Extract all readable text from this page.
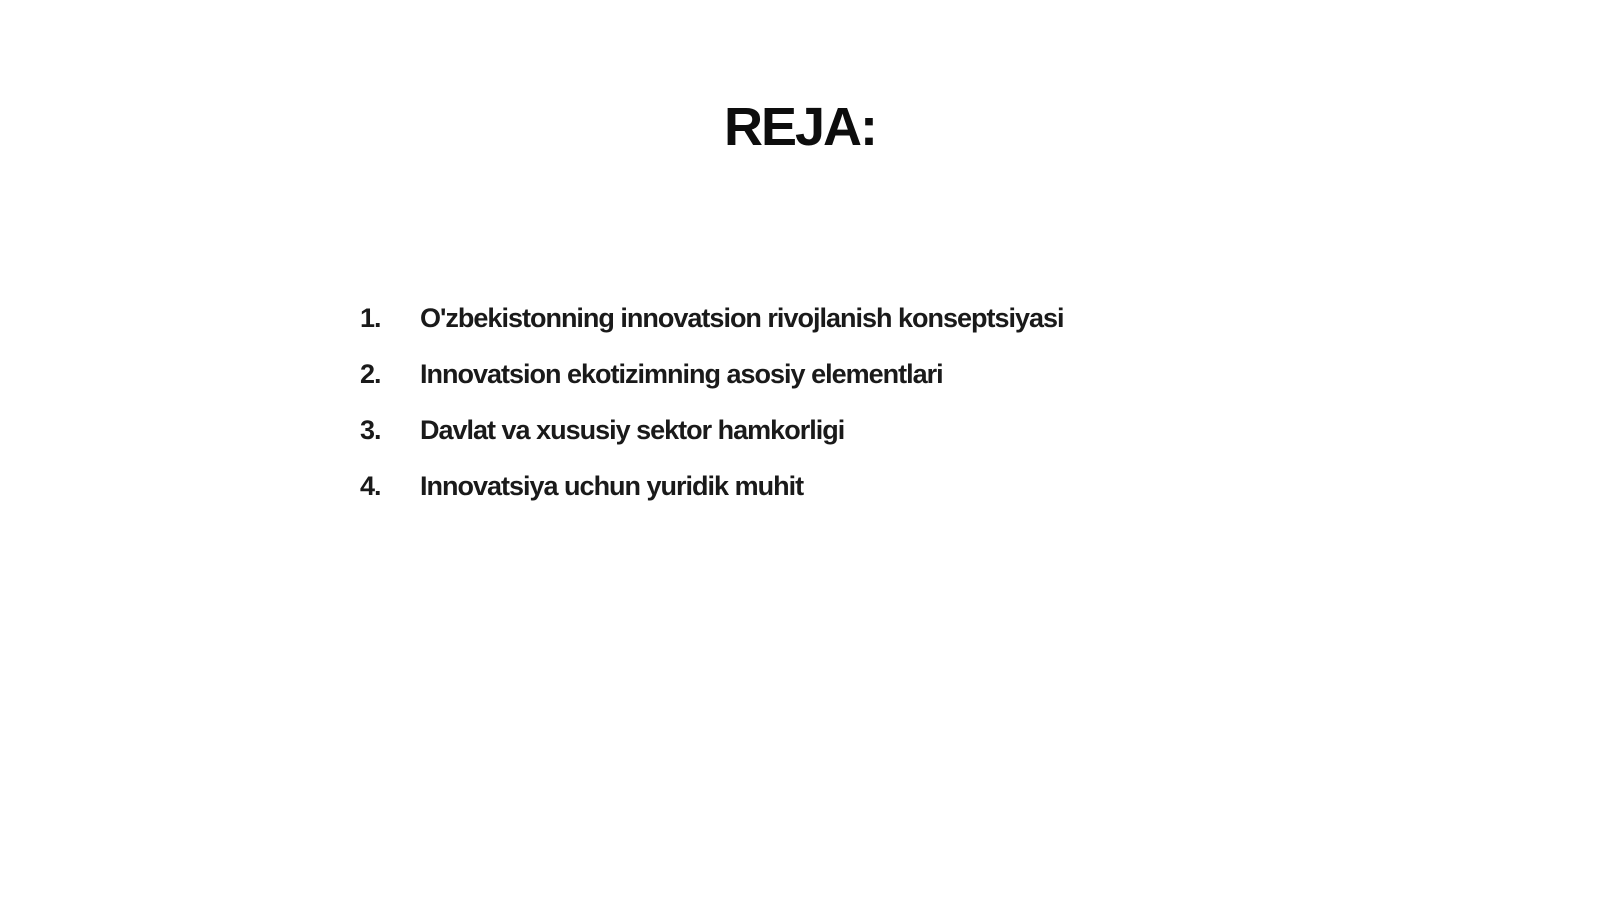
REJA:
1.	O'zbekistonning innovatsion rivojlanish konseptsiyasi
2.	Innovatsion ekotizimning asosiy elementlari
3.	Davlat va xususiy sektor hamkorligi
4.	Innovatsiya uchun yuridik muhit
